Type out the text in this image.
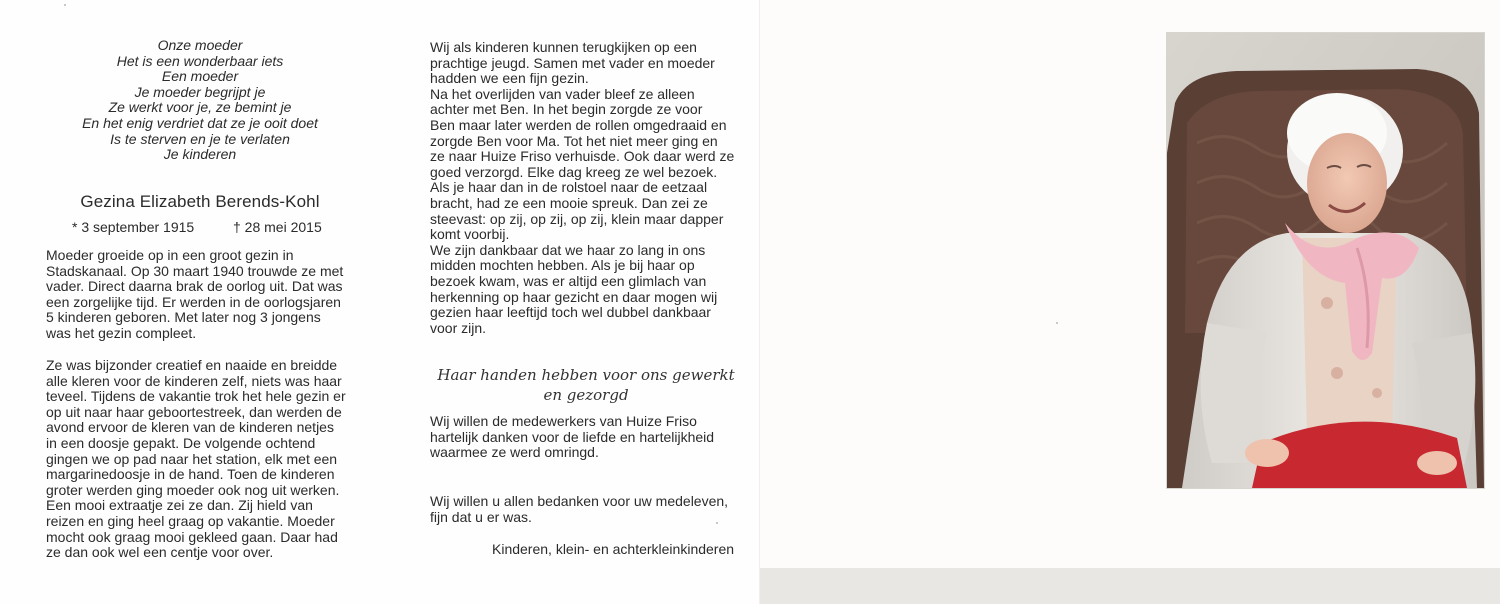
Onze moeder
Het is een wonderbaar iets
Een moeder
Je moeder begrijpt je
Ze werkt voor je, ze bemint je
En het enig verdriet dat ze je ooit doet
Is te sterven en je te verlaten
Je kinderen
Gezina Elizabeth Berends-Kohl
* 3 september 1915	† 28 mei 2015
Moeder groeide op in een groot gezin in
Stadskanaal. Op 30 maart 1940 trouwde ze met
vader. Direct daarna brak de oorlog uit. Dat was
een zorgelijke tijd. Er werden in de oorlogsjaren
5 kinderen geboren. Met later nog 3 jongens
was het gezin compleet.
Ze was bijzonder creatief en naaide en breidde
alle kleren voor de kinderen zelf, niets was haar
teveel. Tijdens de vakantie trok het hele gezin er
op uit naar haar geboortestreek, dan werden de
avond ervoor de kleren van de kinderen netjes
in een doosje gepakt. De volgende ochtend
gingen we op pad naar het station, elk met een
margarinedoosje in de hand. Toen de kinderen
groter werden ging moeder ook nog uit werken.
Een mooi extraatje zei ze dan. Zij hield van
reizen en ging heel graag op vakantie. Moeder
mocht ook graag mooi gekleed gaan. Daar had
ze dan ook wel een centje voor over.
Wij als kinderen kunnen terugkijken op een
prachtige jeugd. Samen met vader en moeder
hadden we een fijn gezin.
Na het overlijden van vader bleef ze alleen
achter met Ben. In het begin zorgde ze voor
Ben maar later werden de rollen omgedraaid en
zorgde Ben voor Ma. Tot het niet meer ging en
ze naar Huize Friso verhuisde. Ook daar werd ze
goed verzorgd. Elke dag kreeg ze wel bezoek.
Als je haar dan in de rolstoel naar de eetzaal
bracht, had ze een mooie spreuk. Dan zei ze
steevast: op zij, op zij, op zij, klein maar dapper
komt voorbij.
We zijn dankbaar dat we haar zo lang in ons
midden mochten hebben. Als je bij haar op
bezoek kwam, was er altijd een glimlach van
herkenning op haar gezicht en daar mogen wij
gezien haar leeftijd toch wel dubbel dankbaar
voor zijn.
Haar handen hebben voor ons gewerkt
en gezorgd
Wij willen de medewerkers van Huize Friso
hartelijk danken voor de liefde en hartelijkheid
waarmee ze werd omringd.
Wij willen u allen bedanken voor uw medeleven,
fijn dat u er was.
Kinderen, klein- en achterkleinkinderen
